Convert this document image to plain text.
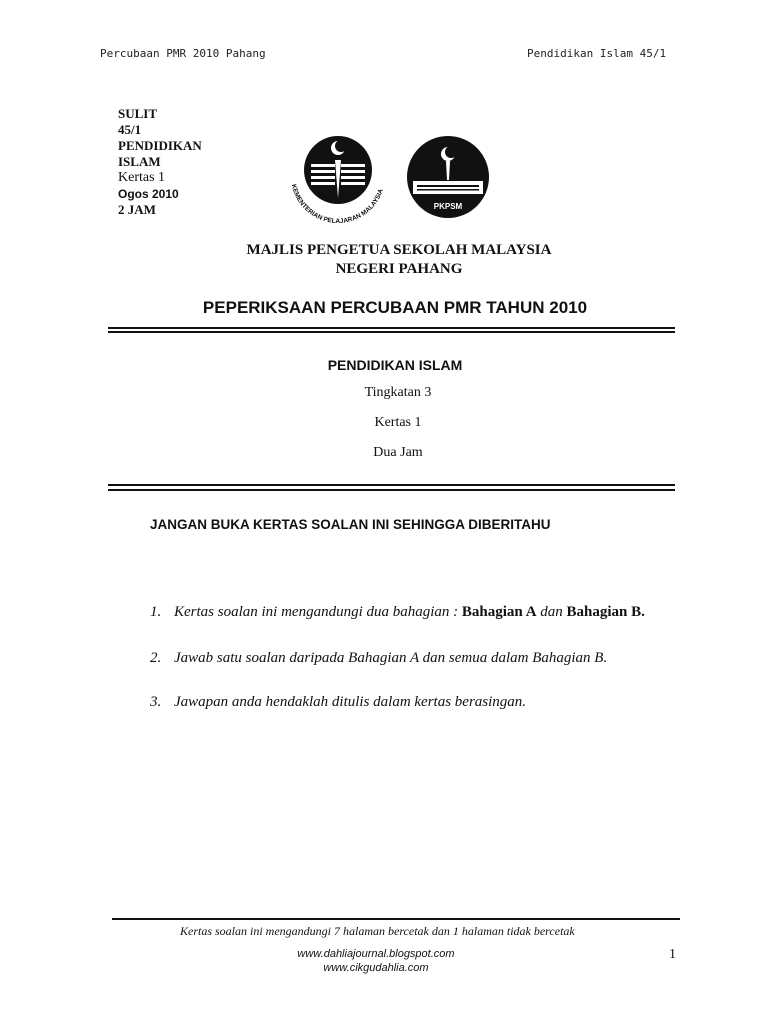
Percubaan PMR 2010 Pahang	Pendidikan Islam 45/1
SULIT
45/1
PENDIDIKAN
ISLAM
Kertas 1
Ogos 2010
2 JAM
KEMENTERIAN PELAJARAN MALAYSIA
PKPSM
MAJLIS PENGETUA SEKOLAH MALAYSIA
NEGERI PAHANG
PEPERIKSAAN PERCUBAAN PMR TAHUN 2010
PENDIDIKAN ISLAM
Tingkatan 3
Kertas 1
Dua Jam
JANGAN BUKA KERTAS SOALAN INI SEHINGGA DIBERITAHU
1. Kertas soalan ini mengandungi dua bahagian : Bahagian A dan Bahagian B.
2. Jawab satu soalan daripada Bahagian A dan semua dalam Bahagian B.
3. Jawapan anda hendaklah ditulis dalam kertas berasingan.
Kertas soalan ini mengandungi 7 halaman bercetak dan 1 halaman tidak bercetak
www.dahliajournal.blogspot.com
www.cikgudahlia.com
1
